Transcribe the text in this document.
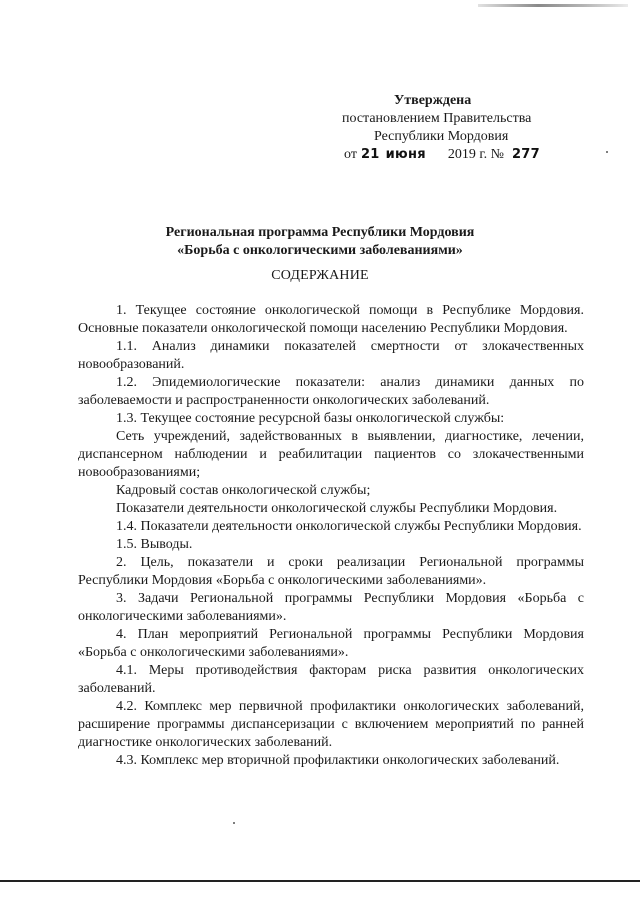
Утверждена
постановлением Правительства
Республики Мордовия
от 21 июня 2019 г. № 277
Региональная программа Республики Мордовия
«Борьба с онкологическими заболеваниями»
СОДЕРЖАНИЕ

1. Текущее состояние онкологической помощи в Республике Мордовия. Основные показатели онкологической помощи населению Республики Мордовия.

1.1. Анализ динамики показателей смертности от злокачественных новообразований.

1.2. Эпидемиологические показатели: анализ динамики данных по заболеваемости и распространенности онкологических заболеваний.

1.3. Текущее состояние ресурсной базы онкологической службы:

Сеть учреждений, задействованных в выявлении, диагностике, лечении, диспансерном наблюдении и реабилитации пациентов со злокачественными новообразованиями;

Кадровый состав онкологической службы;

Показатели деятельности онкологической службы Республики Мордовия.

1.4. Показатели деятельности онкологической службы Республики Мордовия.

1.5. Выводы.

2. Цель, показатели и сроки реализации Региональной программы Республики Мордовия «Борьба с онкологическими заболеваниями».

3. Задачи Региональной программы Республики Мордовия «Борьба с онкологическими заболеваниями».

4. План мероприятий Региональной программы Республики Мордовия «Борьба с онкологическими заболеваниями».

4.1. Меры противодействия факторам риска развития онкологических заболеваний.

4.2. Комплекс мер первичной профилактики онкологических заболеваний, расширение программы диспансеризации с включением мероприятий по ранней диагностике онкологических заболеваний.

4.3. Комплекс мер вторичной профилактики онкологических заболеваний.
